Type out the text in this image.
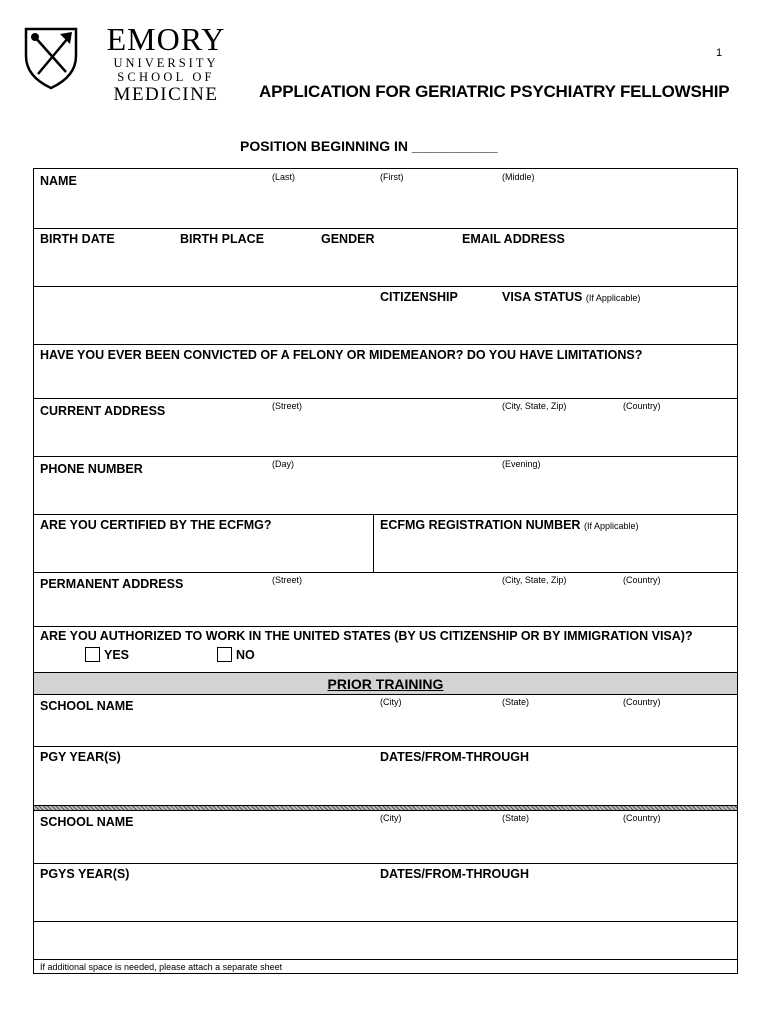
EMORY
UNIVERSITY
SCHOOL OF
MEDICINE
1
APPLICATION FOR GERIATRIC PSYCHIATRY FELLOWSHIP
POSITION BEGINNING IN ___________
NAME	(Last)	(First)	(Middle)
BIRTH DATE	BIRTH PLACE	GENDER	EMAIL ADDRESS
CITIZENSHIP	VISA STATUS (If Applicable)
HAVE YOU EVER BEEN CONVICTED OF A FELONY OR MIDEMEANOR? DO YOU HAVE LIMITATIONS?
CURRENT ADDRESS	(Street)	(City, State, Zip)	(Country)
PHONE NUMBER	(Day)	(Evening)
ARE YOU CERTIFIED BY THE ECFMG?	ECFMG REGISTRATION NUMBER (If Applicable)
PERMANENT ADDRESS	(Street)	(City, State, Zip)	(Country)
ARE YOU AUTHORIZED TO WORK IN THE UNITED STATES (BY US CITIZENSHIP OR BY IMMIGRATION VISA)?
YES	NO
PRIOR TRAINING
SCHOOL NAME	(City)	(State)	(Country)
PGY YEAR(S)	DATES/FROM-THROUGH
SCHOOL NAME	(City)	(State)	(Country)
PGYS YEAR(S)	DATES/FROM-THROUGH
If additional space is needed, please attach a separate sheet
